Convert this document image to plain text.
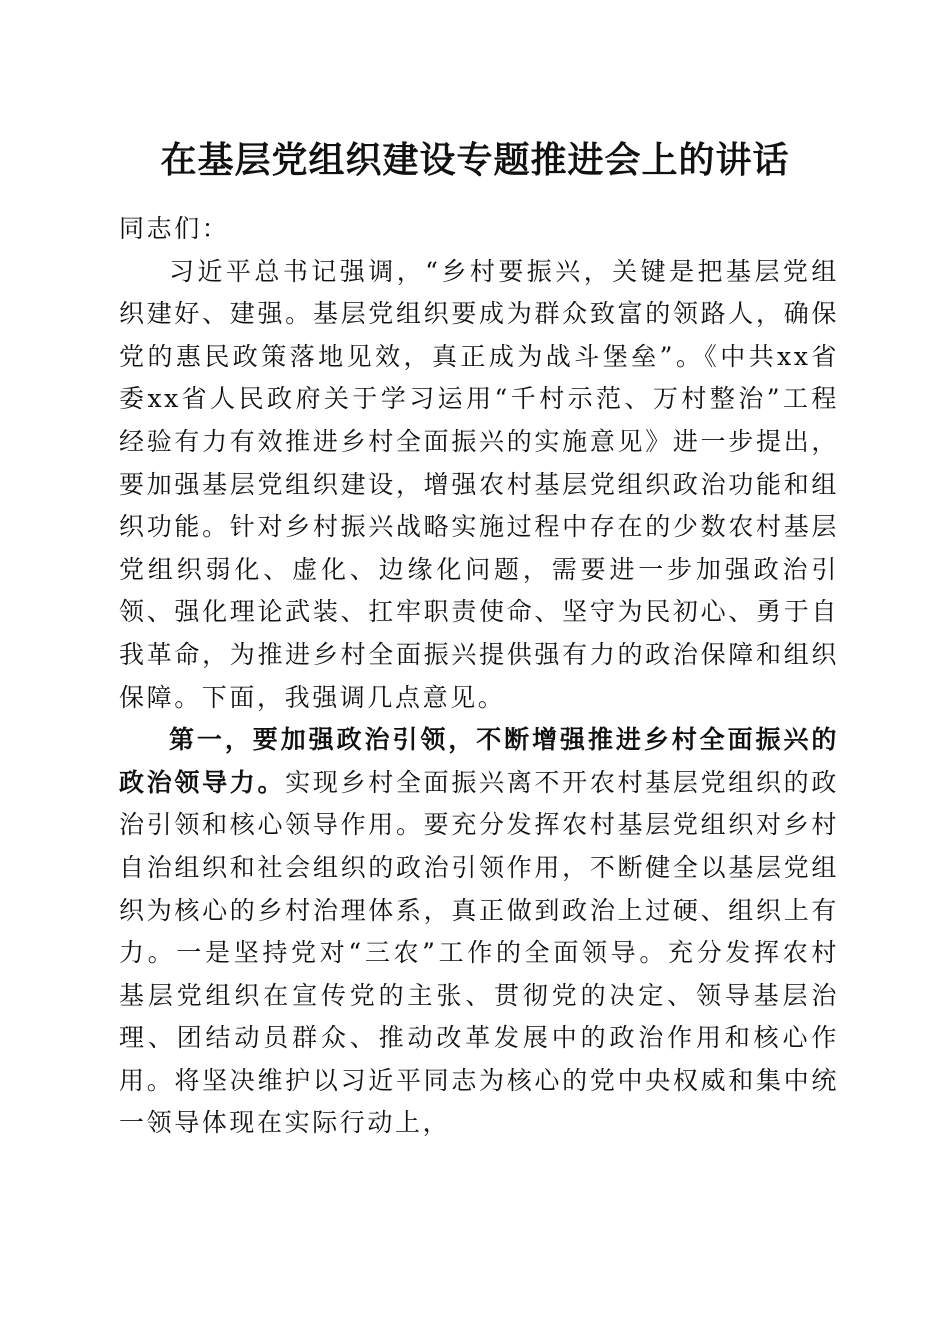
在基层党组织建设专题推进会上的讲话

同志们：

习近平总书记强调，“乡村要振兴，关键是把基层党组织建好、建强。基层党组织要成为群众致富的领路人，确保党的惠民政策落地见效，真正成为战斗堡垒”。《中共xx省委xx省人民政府关于学习运用“千村示范、万村整治”工程经验有力有效推进乡村全面振兴的实施意见》进一步提出，要加强基层党组织建设，增强农村基层党组织政治功能和组织功能。针对乡村振兴战略实施过程中存在的少数农村基层党组织弱化、虚化、边缘化问题，需要进一步加强政治引领、强化理论武装、扛牢职责使命、坚守为民初心、勇于自我革命，为推进乡村全面振兴提供强有力的政治保障和组织保障。下面，我强调几点意见。

第一，要加强政治引领，不断增强推进乡村全面振兴的政治领导力。实现乡村全面振兴离不开农村基层党组织的政治引领和核心领导作用。要充分发挥农村基层党组织对乡村自治组织和社会组织的政治引领作用，不断健全以基层党组织为核心的乡村治理体系，真正做到政治上过硬、组织上有力。一是坚持党对“三农”工作的全面领导。充分发挥农村基层党组织在宣传党的主张、贯彻党的决定、领导基层治理、团结动员群众、推动改革发展中的政治作用和核心作用。将坚决维护以习近平同志为核心的党中央权威和集中统一领导体现在实际行动上，
